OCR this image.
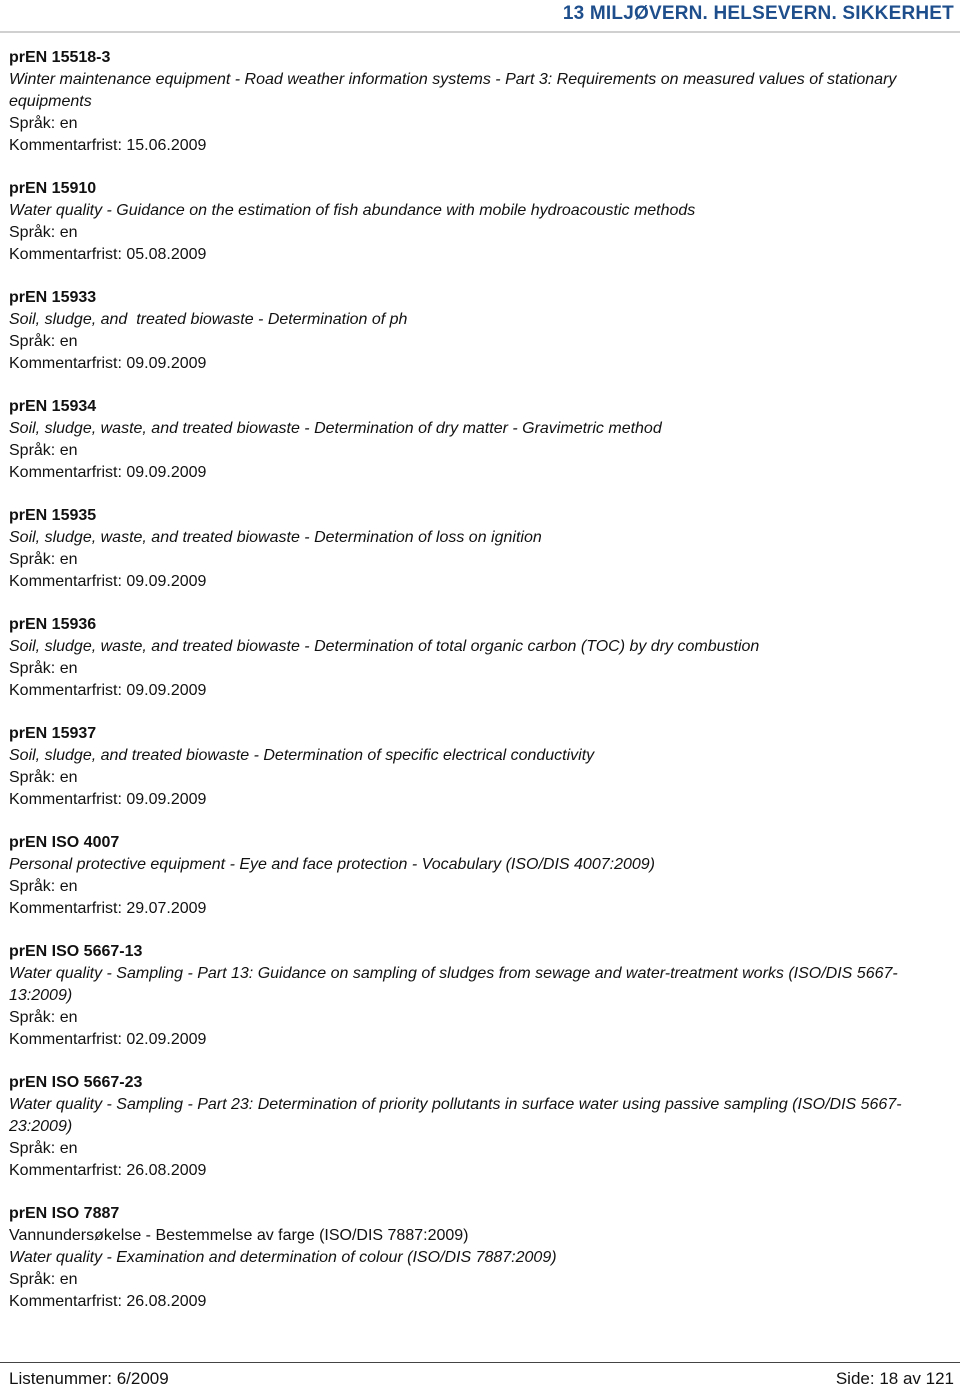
13 MILJØVERN. HELSEVERN. SIKKERHET

prEN 15518-3

Winter maintenance equipment - Road weather information systems - Part 3: Requirements on measured values of stationary equipments

Språk: en

Kommentarfrist: 15.06.2009

prEN 15910

Water quality - Guidance on the estimation of fish abundance with mobile hydroacoustic methods

Språk: en

Kommentarfrist: 05.08.2009

prEN 15933

Soil, sludge, and  treated biowaste - Determination of ph

Språk: en

Kommentarfrist: 09.09.2009

prEN 15934

Soil, sludge, waste, and treated biowaste - Determination of dry matter - Gravimetric method

Språk: en

Kommentarfrist: 09.09.2009

prEN 15935

Soil, sludge, waste, and treated biowaste - Determination of loss on ignition

Språk: en

Kommentarfrist: 09.09.2009

prEN 15936

Soil, sludge, waste, and treated biowaste - Determination of total organic carbon (TOC) by dry combustion

Språk: en

Kommentarfrist: 09.09.2009

prEN 15937

Soil, sludge, and treated biowaste - Determination of specific electrical conductivity

Språk: en

Kommentarfrist: 09.09.2009

prEN ISO 4007

Personal protective equipment - Eye and face protection - Vocabulary (ISO/DIS 4007:2009)

Språk: en

Kommentarfrist: 29.07.2009

prEN ISO 5667-13

Water quality - Sampling - Part 13: Guidance on sampling of sludges from sewage and water-treatment works (ISO/DIS 5667-13:2009)

Språk: en

Kommentarfrist: 02.09.2009

prEN ISO 5667-23

Water quality - Sampling - Part 23: Determination of priority pollutants in surface water using passive sampling (ISO/DIS 5667-23:2009)

Språk: en

Kommentarfrist: 26.08.2009

prEN ISO 7887

Vannundersøkelse - Bestemmelse av farge (ISO/DIS 7887:2009)

Water quality - Examination and determination of colour (ISO/DIS 7887:2009)

Språk: en

Kommentarfrist: 26.08.2009

Listenummer: 6/2009	Side: 18 av 121
